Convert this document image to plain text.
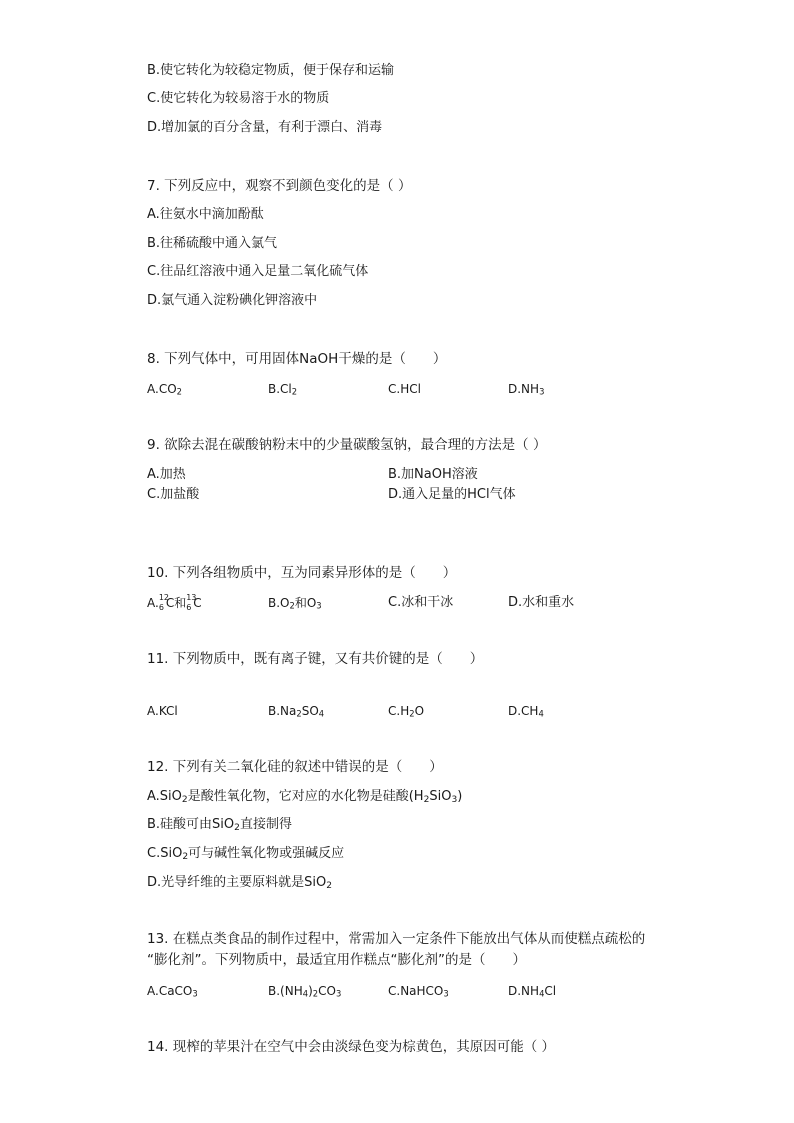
B.使它转化为较稳定物质，便于保存和运输
C.使它转化为较易溶于水的物质
D.增加氯的百分含量，有利于漂白、消毒
7. 下列反应中，观察不到颜色变化的是（ ）
A.往氨水中滴加酚酞
B.往稀硫酸中通入氯气
C.往品红溶液中通入足量二氧化硫气体
D.氯气通入淀粉碘化钾溶液中
8. 下列气体中，可用固体NaOH干燥的是（　　）
A.CO2	B.Cl2	C.HCl	D.NH3
9. 欲除去混在碳酸钠粉末中的少量碳酸氢钠，最合理的方法是（ ）
A.加热	B.加NaOH溶液
C.加盐酸	D.通入足量的HCl气体
10. 下列各组物质中，互为同素异形体的是（　　）
A. 12
6 C和 13
6 C	B.O2和O3	C.冰和干冰	D.水和重水
11. 下列物质中，既有离子键，又有共价键的是（　　）
A.KCl	B.Na2SO4	C.H2O	D.CH4
12. 下列有关二氧化硅的叙述中错误的是（　　）
A.SiO$_2$是酸性氧化物，它对应的水化物是硅酸$(H_2SiO_3)$
B.硅酸可由SiO$_2$直接制得
C.SiO$_2$可与碱性氧化物或强碱反应
D.光导纤维的主要原料就是SiO$_2$
13. 在糕点类食品的制作过程中，常需加入一定条件下能放出气体从而使糕点疏松的
“膨化剂”。下列物质中，最适宜用作糕点“膨化剂”的是（　　）
A.CaCO3	B.(NH4)2CO3	C.NaHCO3	D.NH4Cl
14. 现榨的苹果汁在空气中会由淡绿色变为棕黄色，其原因可能（ ）
